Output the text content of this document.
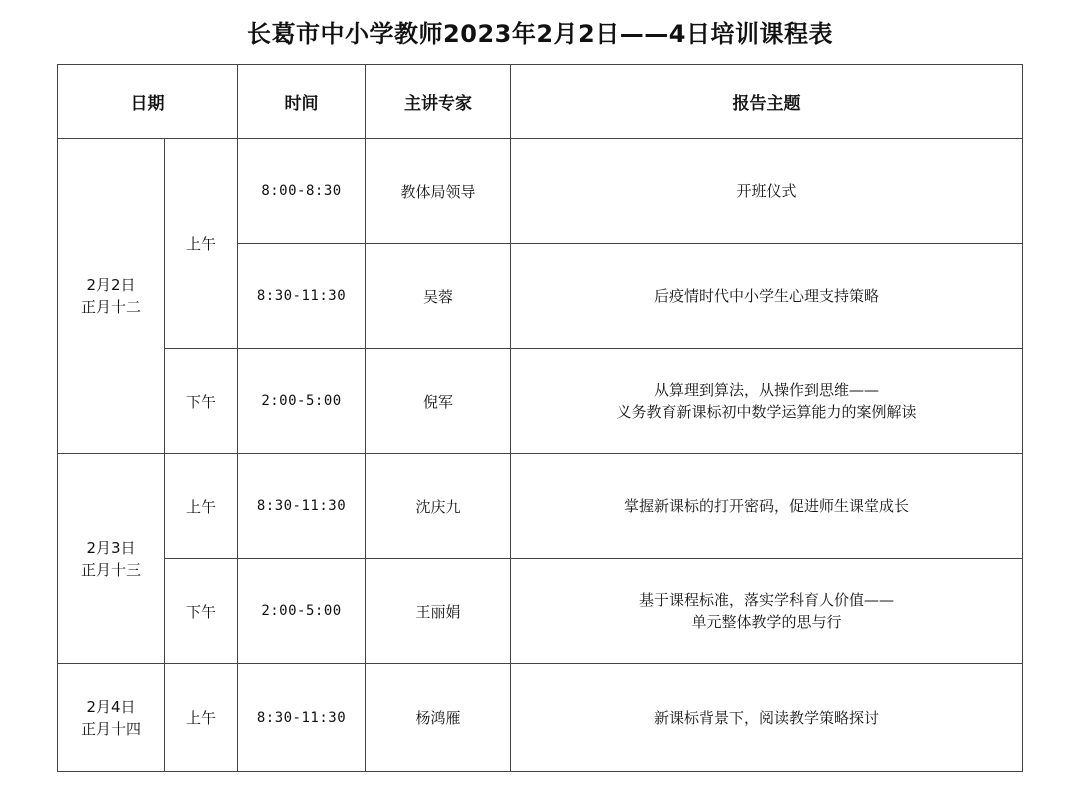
长葛市中小学教师2023年2月2日——4日培训课程表
日期		时间	主讲专家	报告主题

2月2日
正月十二	上午	8:00-8:30	教体局领导	开班仪式

		8:30-11:30	吴蓉	后疫情时代中小学生心理支持策略

	下午	2:00-5:00	倪军	从算理到算法，从操作到思维——
义务教育新课标初中数学运算能力的案例解读

2月3日
正月十三	上午	8:30-11:30	沈庆九	掌握新课标的打开密码，促进师生课堂成长

	下午	2:00-5:00	王丽娟	基于课程标准，落实学科育人价值——
单元整体教学的思与行

2月4日
正月十四	上午	8:30-11:30	杨鸿雁	新课标背景下，阅读教学策略探讨
